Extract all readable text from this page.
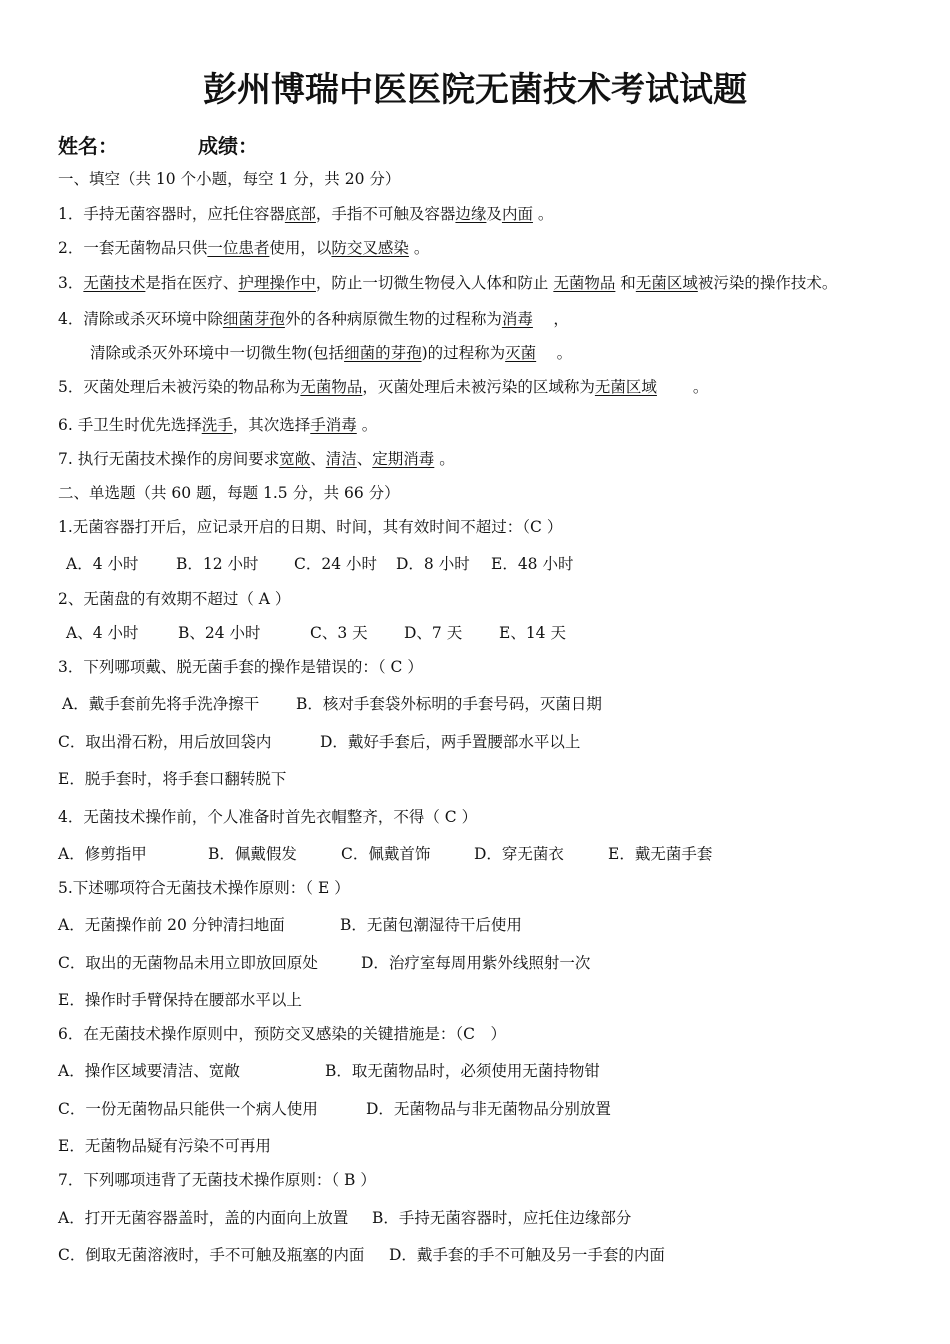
彭州博瑞中医医院无菌技术考试试题
姓名：	成绩：
一、填空（共 10 个小题，每空 1 分，共 20 分）
1．手持无菌容器时，应托住容器底部，手指不可触及容器边缘及内面 。
2．一套无菌物品只供一位患者使用，以防交叉感染 。
3．无菌技术是指在医疗、护理操作中，防止一切微生物侵入人体和防止 无菌物品 和无菌区域被污染的操作技术。
4．清除或杀灭环境中除细菌芽孢外的各种病原微生物的过程称为消毒　 ，
清除或杀灭外环境中一切微生物(包括细菌的芽孢)的过程称为灭菌　 。
5．灭菌处理后未被污染的物品称为无菌物品，灭菌处理后未被污染的区域称为无菌区域　　 。
6. 手卫生时优先选择洗手，其次选择手消毒 。
7. 执行无菌技术操作的房间要求宽敞、清洁、定期消毒 。
二、单选题（共 60 题，每题 1.5 分，共 66 分）
1.无菌容器打开后，应记录开启的日期、时间，其有效时间不超过：（C ）
A．4 小时 B．12 小时 C．24 小时 D．8 小时 E．48 小时
2、无菌盘的有效期不超过（ A ）
A、4 小时	B、24 小时	C、3 天 D、7 天 E、14 天
3．下列哪项戴、脱无菌手套的操作是错误的：（ C ）
A．戴手套前先将手洗净擦干 B．核对手套袋外标明的手套号码，灭菌日期
C．取出滑石粉，用后放回袋内	D．戴好手套后，两手置腰部水平以上
E．脱手套时，将手套口翻转脱下
4．无菌技术操作前，个人准备时首先衣帽整齐，不得（ C ）
A．修剪指甲	B．佩戴假发	C．佩戴首饰	D．穿无菌衣	E．戴无菌手套
5.下述哪项符合无菌技术操作原则：（ E ）
A．无菌操作前 20 分钟清扫地面	B．无菌包潮湿待干后使用
C．取出的无菌物品未用立即放回原处	D．治疗室每周用紫外线照射一次
E．操作时手臂保持在腰部水平以上
6．在无菌技术操作原则中，预防交叉感染的关键措施是：（C　）
A．操作区域要清洁、宽敞	B．取无菌物品时，必须使用无菌持物钳
C．一份无菌物品只能供一个病人使用	D．无菌物品与非无菌物品分别放置
E．无菌物品疑有污染不可再用
7．下列哪项违背了无菌技术操作原则：（ B ）
A．打开无菌容器盖时，盖的内面向上放置 B．手持无菌容器时，应托住边缘部分
C．倒取无菌溶液时，手不可触及瓶塞的内面 D．戴手套的手不可触及另一手套的内面
